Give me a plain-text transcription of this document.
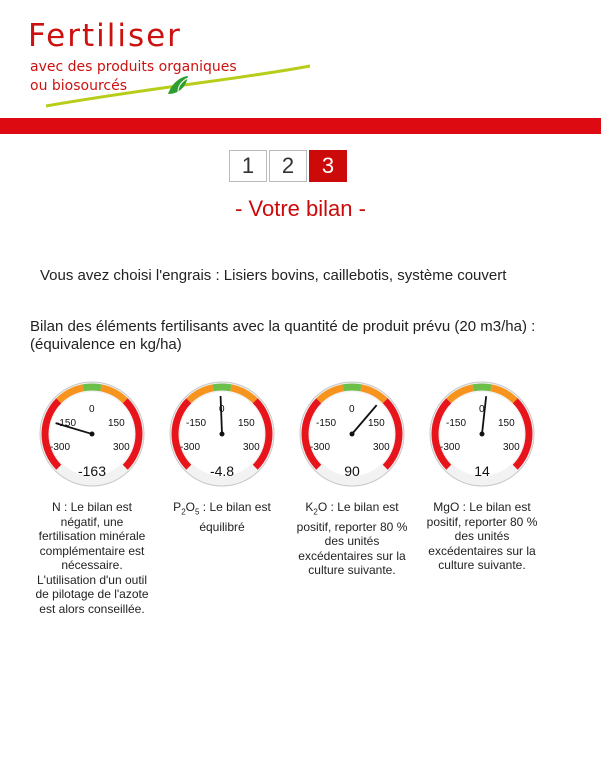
Fertiliser
avec des produits organiques
ou biosourcés
1	2	3
- Votre bilan -
Vous avez choisi l'engrais : Lisiers bovins, caillebotis, système couvert
Bilan des éléments fertilisants avec la quantité de produit prévu (20 m3/ha) :
(équivalence en kg/ha)
0
-150	150
-300	300
-163
0
-150	150
-300	300
-4.8
0
-150	150
-300	300
90
0
-150	150
-300	300
14
N : Le bilan est négatif, une fertilisation minérale complémentaire est nécessaire. L'utilisation d'un outil de pilotage de l'azote est alors conseillée.
$P_2O_5$ : Le bilan est équilibré
$K_2O$ : Le bilan est positif, reporter 80 % des unités excédentaires sur la culture suivante.
MgO : Le bilan est positif, reporter 80 % des unités excédentaires sur la culture suivante.
